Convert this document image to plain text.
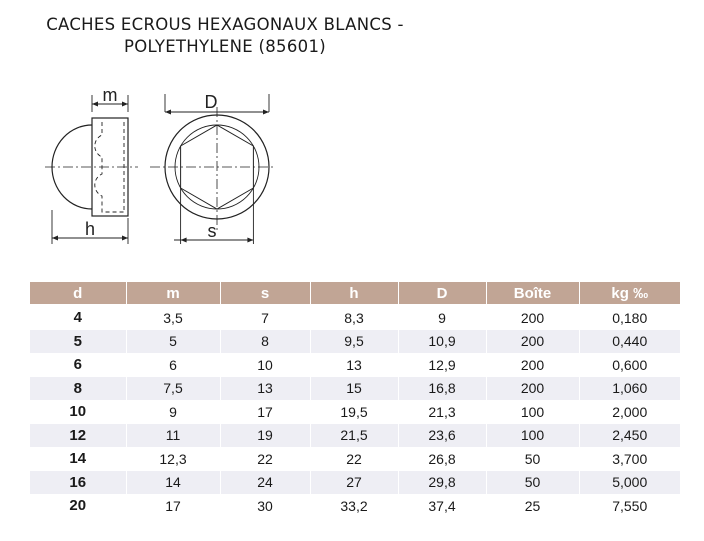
CACHES ECROUS HEXAGONAUX BLANCS -
POLYETHYLENE (85601)
m
h
D
s
d	m	s	h	D	Boîte	kg ‰
4	3,5	7	8,3	9	200	0,180
5	5	8	9,5	10,9	200	0,440
6	6	10	13	12,9	200	0,600
8	7,5	13	15	16,8	200	1,060
10	9	17	19,5	21,3	100	2,000
12	11	19	21,5	23,6	100	2,450
14	12,3	22	22	26,8	50	3,700
16	14	24	27	29,8	50	5,000
20	17	30	33,2	37,4	25	7,550
